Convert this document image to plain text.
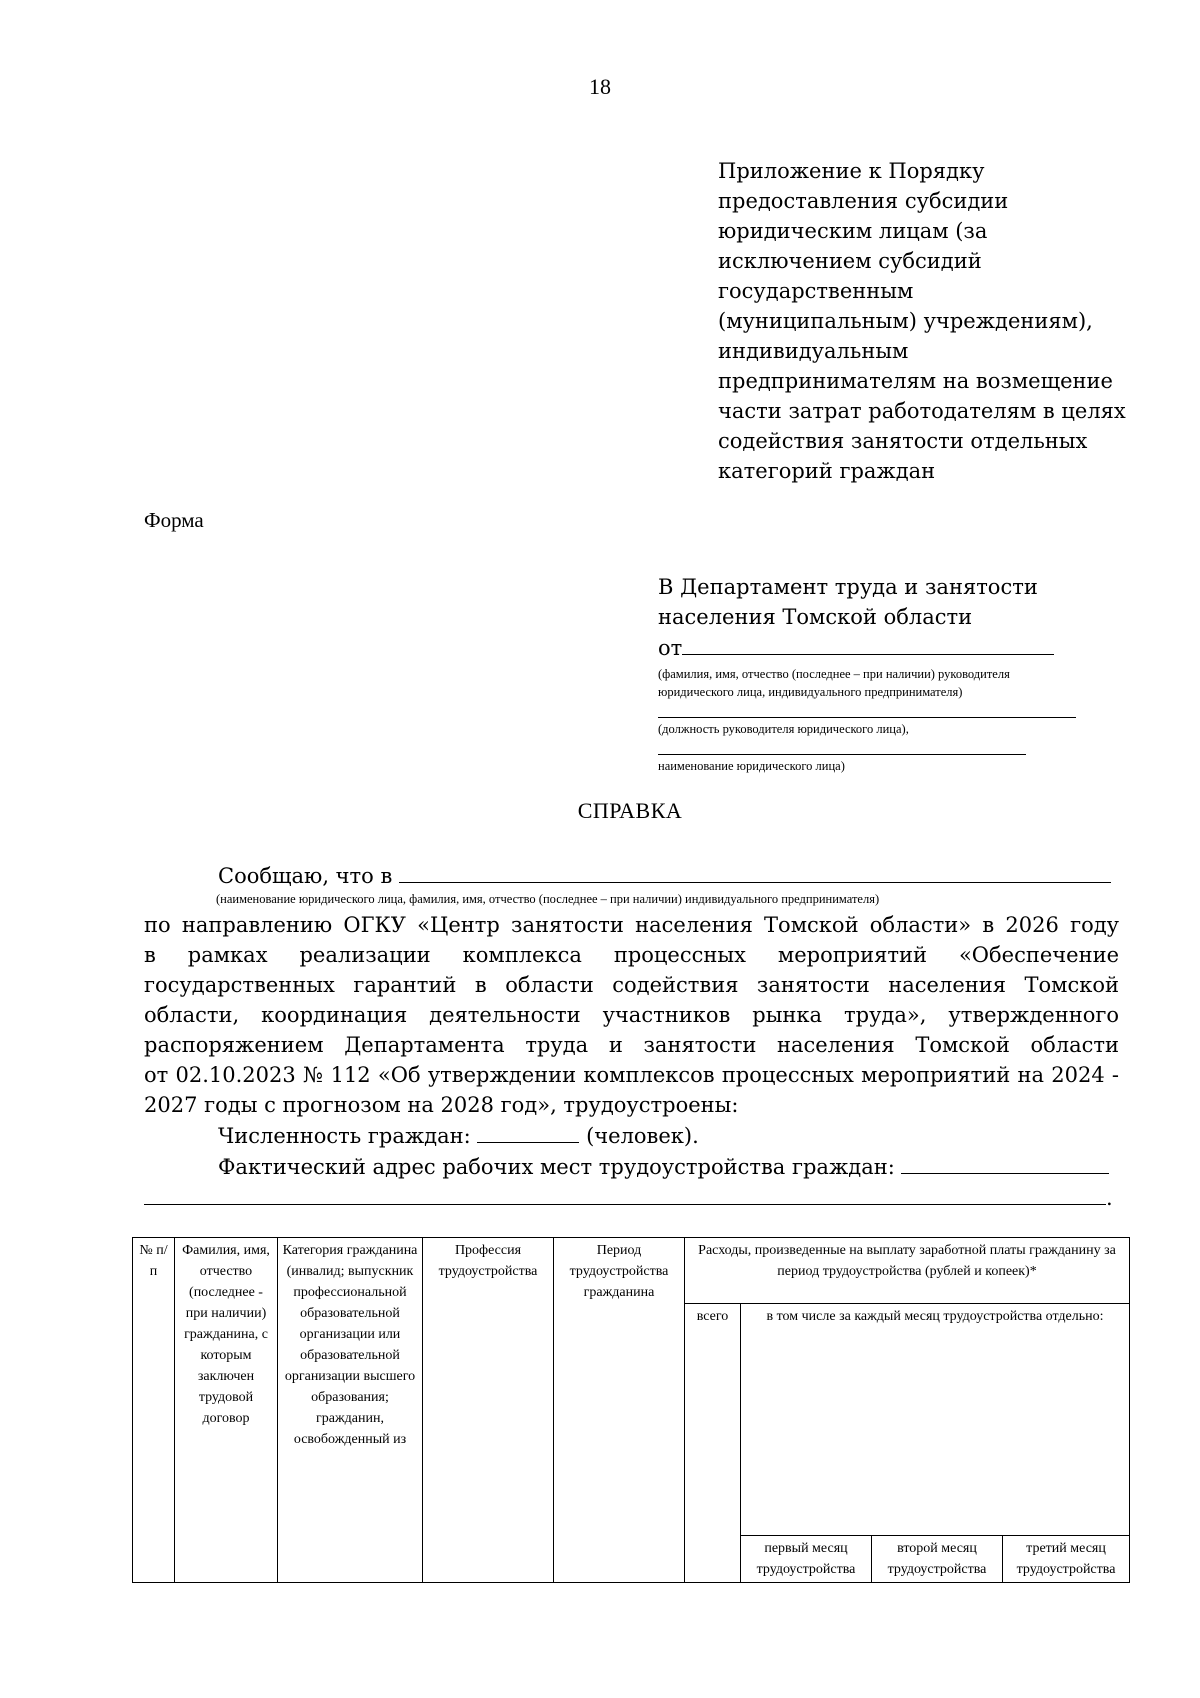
18
Приложение к Порядку
предоставления субсидии
юридическим лицам (за
исключением субсидий
государственным
(муниципальным) учреждениям),
индивидуальным
предпринимателям на возмещение
части затрат работодателям в целях
содействия занятости отдельных
категорий граждан
Форма
В Департамент труда и занятости
населения Томской области
от
(фамилия, имя, отчество (последнее – при наличии) руководителя
юридического лица, индивидуального предпринимателя)
(должность руководителя юридического лица),
наименование юридического лица)
СПРАВКА
Сообщаю, что в
(наименование юридического лица, фамилия, имя, отчество (последнее – при наличии) индивидуального предпринимателя)
по направлению ОГКУ «Центр занятости населения Томской области» в 2026 году
в рамках реализации комплекса процессных мероприятий «Обеспечение
государственных гарантий в области содействия занятости населения Томской
области, координация деятельности участников рынка труда», утвержденного
распоряжением Департамента труда и занятости населения Томской области
от 02.10.2023 № 112 «Об утверждении комплексов процессных мероприятий на 2024 -
2027 годы с прогнозом на 2028 год», трудоустроены:
Численность граждан:	(человек).
Фактический адрес рабочих мест трудоустройства граждан:
.
№ п/ п	Фамилия, имя, отчество (последнее - при наличии) гражданина, с которым заключен трудовой договор	Категория гражданина (инвалид; выпускник профессиональной образовательной организации или образовательной организации высшего образования; гражданин, освобожденный из	Профессия трудоустройства	Период трудоустройства гражданина	Расходы, произведенные на выплату заработной платы гражданину за период трудоустройства (рублей и копеек)*			
					всего	в том числе за каждый месяц трудоустройства отдельно:		
						первый месяц трудоустройства	второй месяц трудоустройства	третий месяц трудоустройства
